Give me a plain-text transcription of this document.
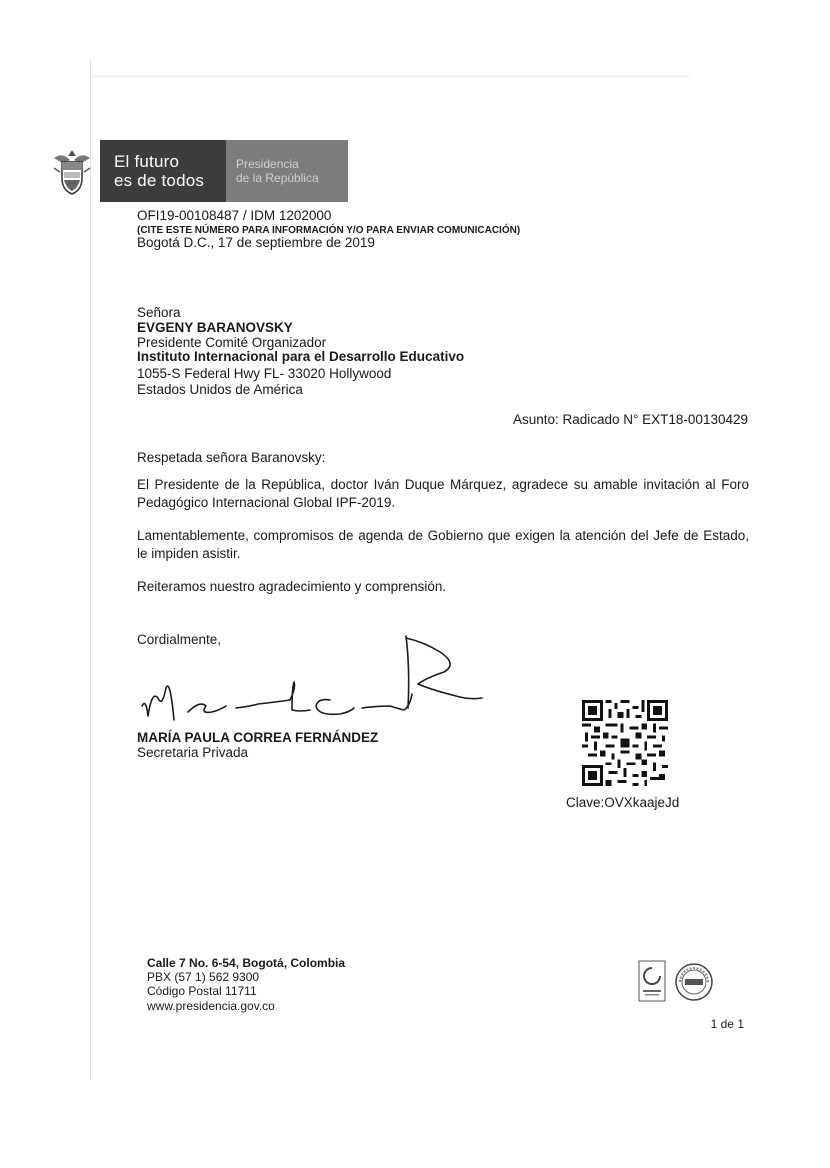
El futuro
es de todos
Presidencia
de la República
OFI19-00108487 / IDM 1202000
(CITE ESTE NÚMERO PARA INFORMACIÓN Y/O PARA ENVIAR COMUNICACIÓN)
Bogotá D.C., 17 de septiembre de 2019
Señora
EVGENY BARANOVSKY
Presidente Comité Organizador
Instituto Internacional para el Desarrollo Educativo
1055-S Federal Hwy FL- 33020 Hollywood
Estados Unidos de América
Asunto: Radicado N° EXT18-00130429
Respetada señora Baranovsky:
El Presidente de la República, doctor Iván Duque Márquez, agradece su amable invitación al Foro Pedagógico Internacional Global IPF-2019.
Lamentablemente, compromisos de agenda de Gobierno que exigen la atención del Jefe de Estado, le impiden asistir.
Reiteramos nuestro agradecimiento y comprensión.
Cordialmente,
MARÍA PAULA CORREA FERNÁNDEZ
Secretaria Privada
Clave:OVXkaajeJd
Calle 7 No. 6-54, Bogotá, Colombia
PBX (57 1) 562 9300
Código Postal 11711
www.presidencia.gov.co
1 de 1
